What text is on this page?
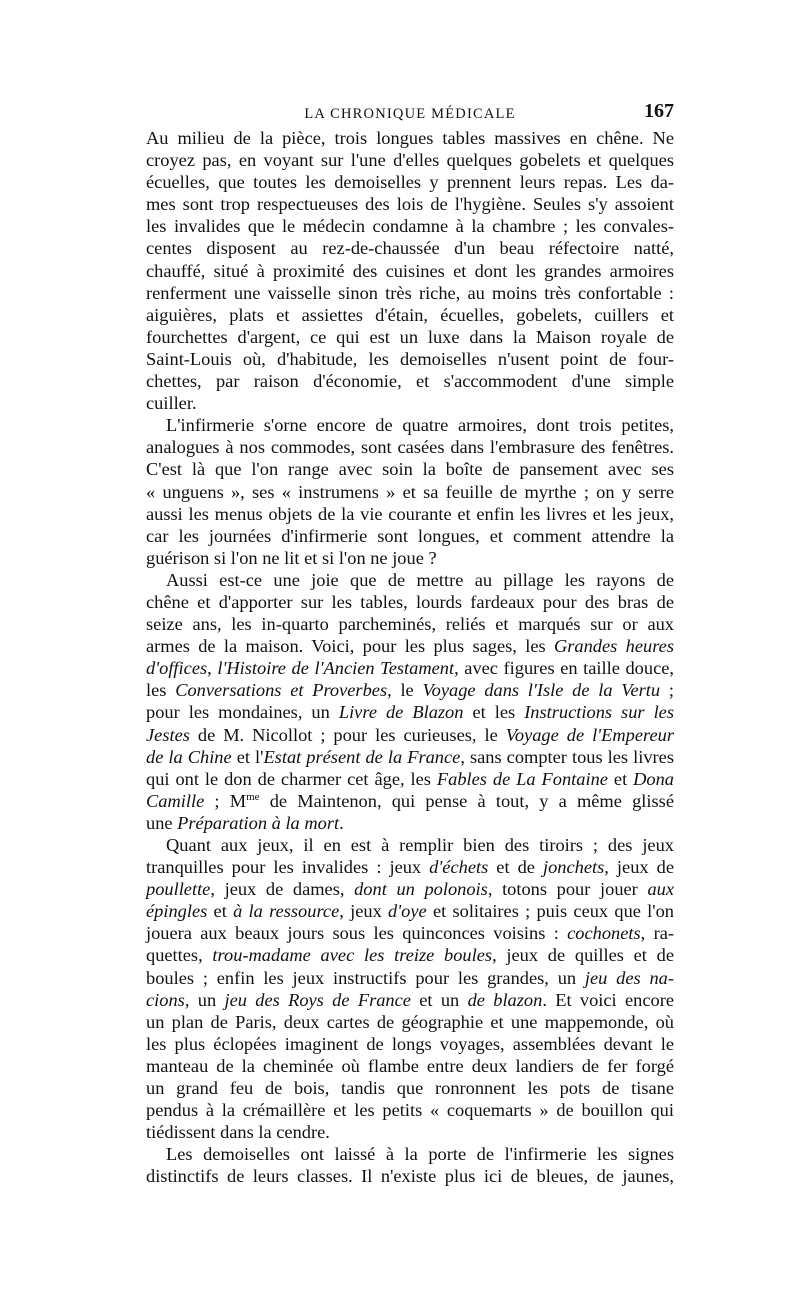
LA CHRONIQUE MÉDICALE	167

Au milieu de la pièce, trois longues tables massives en chêne. Ne
croyez pas, en voyant sur l'une d'elles quelques gobelets et quelques
écuelles, que toutes les demoiselles y prennent leurs repas. Les da-
mes sont trop respectueuses des lois de l'hygiène. Seules s'y assoient
les invalides que le médecin condamne à la chambre ; les convales-
centes disposent au rez-de-chaussée d'un beau réfectoire natté,
chauffé, situé à proximité des cuisines et dont les grandes armoires
renferment une vaisselle sinon très riche, au moins très confortable :
aiguières, plats et assiettes d'étain, écuelles, gobelets, cuillers et
fourchettes d'argent, ce qui est un luxe dans la Maison royale de
Saint-Louis où, d'habitude, les demoiselles n'usent point de four-
chettes, par raison d'économie, et s'accommodent d'une simple
cuiller.

L'infirmerie s'orne encore de quatre armoires, dont trois petites,
analogues à nos commodes, sont casées dans l'embrasure des fenêtres.
C'est là que l'on range avec soin la boîte de pansement avec ses
« unguens », ses « instrumens » et sa feuille de myrthe ; on y serre
aussi les menus objets de la vie courante et enfin les livres et les jeux,
car les journées d'infirmerie sont longues, et comment attendre la
guérison si l'on ne lit et si l'on ne joue ?

Aussi est-ce une joie que de mettre au pillage les rayons de
chêne et d'apporter sur les tables, lourds fardeaux pour des bras de
seize ans, les in-quarto parcheminés, reliés et marqués sur or aux
armes de la maison. Voici, pour les plus sages, les Grandes heures
d'offices, l'Histoire de l'Ancien Testament, avec figures en taille douce,
les Conversations et Proverbes, le Voyage dans l'Isle de la Vertu ;
pour les mondaines, un Livre de Blazon et les Instructions sur les
Jestes de M. Nicollot ; pour les curieuses, le Voyage de l'Empereur
de la Chine et l'Estat présent de la France, sans compter tous les livres
qui ont le don de charmer cet âge, les Fables de La Fontaine et Dona
Camille ; $M^{me}$ de Maintenon, qui pense à tout, y a même glissé
une Préparation à la mort.

Quant aux jeux, il en est à remplir bien des tiroirs ; des jeux
tranquilles pour les invalides : jeux d'échets et de jonchets, jeux de
poullette, jeux de dames, dont un polonois, totons pour jouer aux
épingles et à la ressource, jeux d'oye et solitaires ; puis ceux que l'on
jouera aux beaux jours sous les quinconces voisins : cochonets, ra-
quettes, trou-madame avec les treize boules, jeux de quilles et de
boules ; enfin les jeux instructifs pour les grandes, un jeu des na-
cions, un jeu des Roys de France et un de blazon. Et voici encore
un plan de Paris, deux cartes de géographie et une mappemonde, où
les plus éclopées imaginent de longs voyages, assemblées devant le
manteau de la cheminée où flambe entre deux landiers de fer forgé
un grand feu de bois, tandis que ronronnent les pots de tisane
pendus à la crémaillère et les petits « coquemarts » de bouillon qui
tiédissent dans la cendre.

Les demoiselles ont laissé à la porte de l'infirmerie les signes
distinctifs de leurs classes. Il n'existe plus ici de bleues, de jaunes,
